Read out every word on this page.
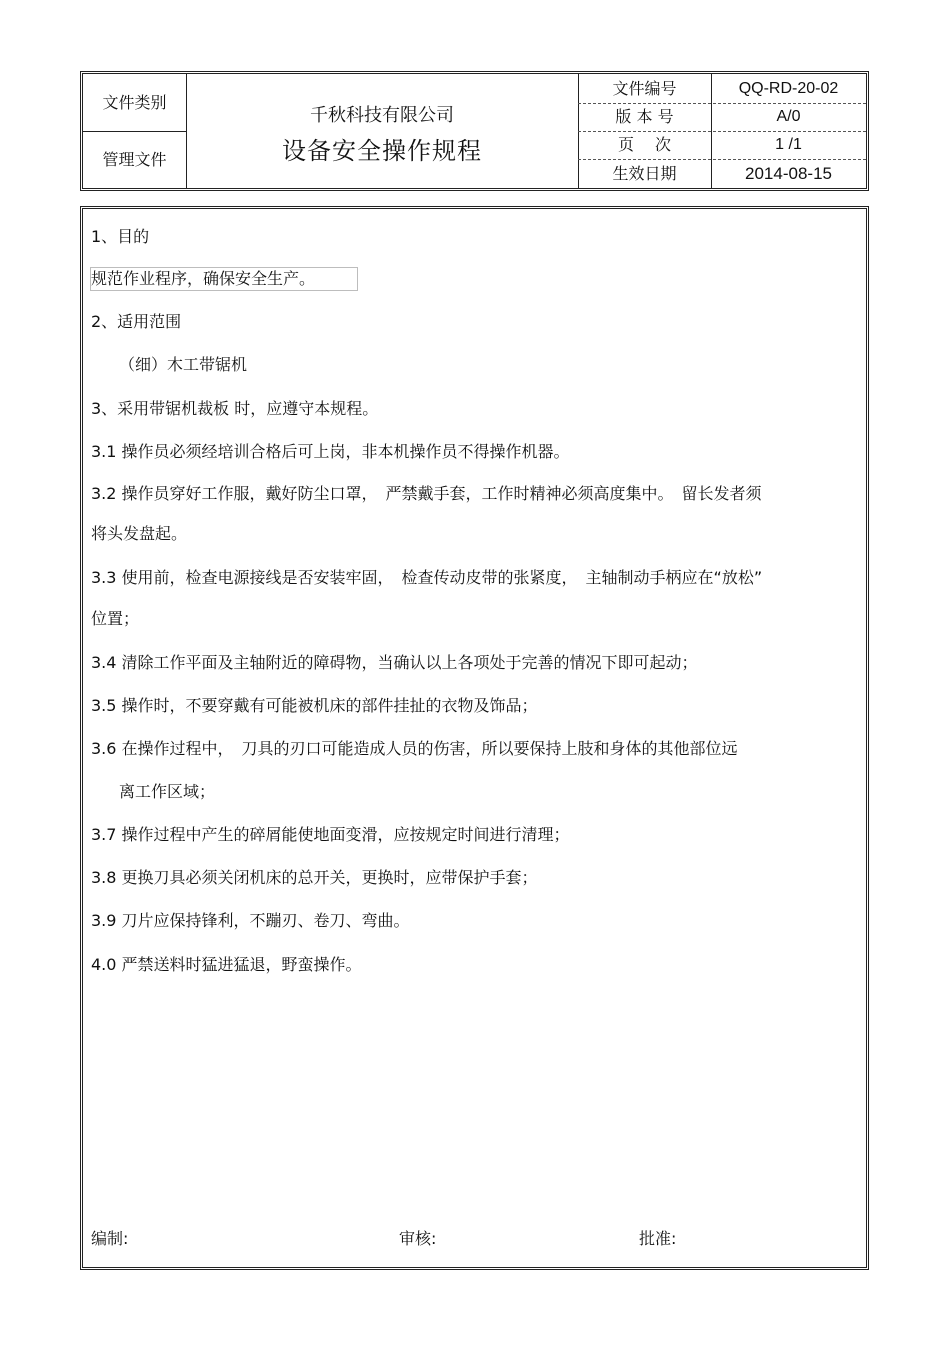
文件类别
管理文件
千秋科技有限公司
设备安全操作规程
文件编号
版 本 号
页　 次
生效日期
QQ-RD-20-02
A/0
1 /1
2014-08-15
1、目的
规范作业程序，确保安全生产。
2、适用范围
（细）木工带锯机
3、采用带锯机裁板 时，应遵守本规程。
3.1 操作员必须经培训合格后可上岗，非本机操作员不得操作机器。
3.2 操作员穿好工作服，戴好防尘口罩，　严禁戴手套，工作时精神必须高度集中。　留长发者须
将头发盘起。
3.3 使用前，检查电源接线是否安装牢固，　检查传动皮带的张紧度，　主轴制动手柄应在“放松”
位置；
3.4 清除工作平面及主轴附近的障碍物，当确认以上各项处于完善的情况下即可起动；
3.5 操作时，不要穿戴有可能被机床的部件挂扯的衣物及饰品；
3.6 在操作过程中，　刀具的刃口可能造成人员的伤害，所以要保持上肢和身体的其他部位远
离工作区域；
3.7 操作过程中产生的碎屑能使地面变滑，应按规定时间进行清理；
3.8 更换刀具必须关闭机床的总开关，更换时，应带保护手套；
3.9 刀片应保持锋利，不蹦刃、卷刀、弯曲。
4.0 严禁送料时猛进猛退，野蛮操作。
编制:	审核:	批准:
